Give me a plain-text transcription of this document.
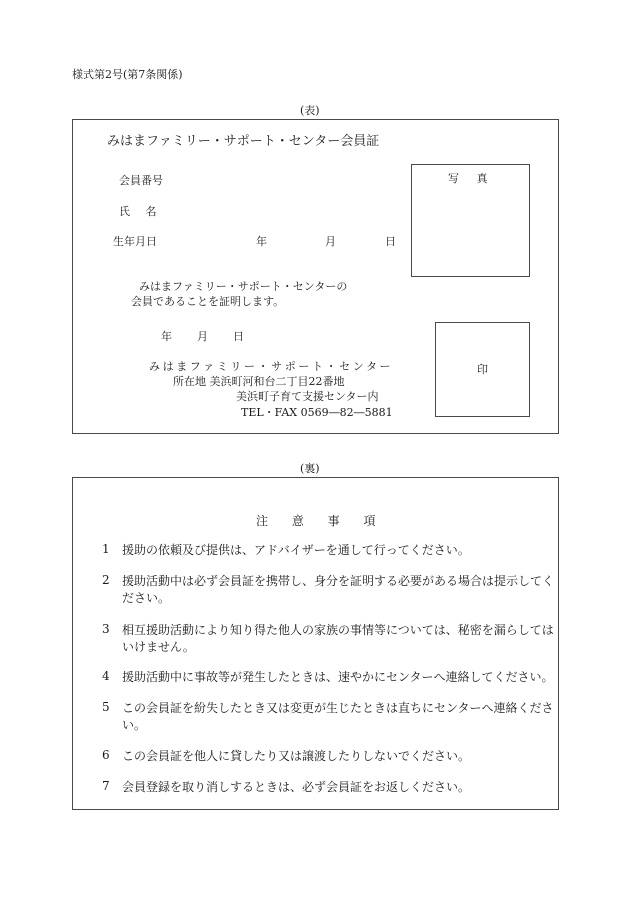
様式第2号(第7条関係)
(表)
みはまファミリー・サポート・センター会員証
会員番号
氏 名
生年月日	年	月	日
写 真
みはまファミリー・サポート・センターの
会員であることを証明します。
年 月 日
みはまファミリー・サポート・センター
所在地 美浜町河和台二丁目22番地
美浜町子育て支援センター内
TEL・FAX 0569―82―5881
印
(裏)
注 意 事 項
1 援助の依頼及び提供は、アドバイザーを通して行ってください。
2 援助活動中は必ず会員証を携帯し、身分を証明する必要がある場合は提示してください。
3 相互援助活動により知り得た他人の家族の事情等については、秘密を漏らしてはいけません。
4 援助活動中に事故等が発生したときは、速やかにセンターへ連絡してください。
5 この会員証を紛失したとき又は変更が生じたときは直ちにセンターへ連絡ください。
6 この会員証を他人に貸したり又は譲渡したりしないでください。
7 会員登録を取り消しするときは、必ず会員証をお返しください。
